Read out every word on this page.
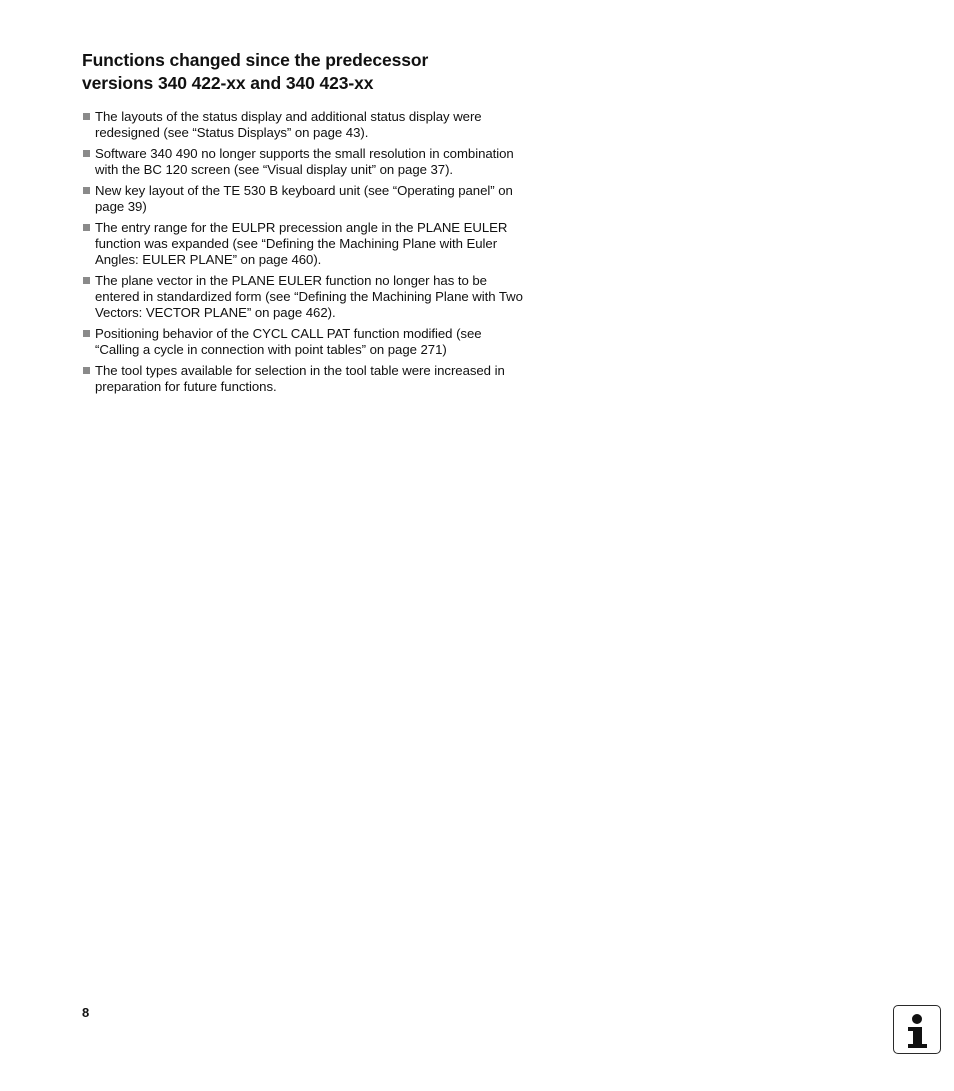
Functions changed since the predecessor
versions 340 422-xx and 340 423-xx
The layouts of the status display and additional status display were redesigned (see “Status Displays” on page 43).
Software 340 490 no longer supports the small resolution in combination with the BC 120 screen (see “Visual display unit” on page 37).
New key layout of the TE 530 B keyboard unit (see “Operating panel” on page 39)
The entry range for the EULPR precession angle in the PLANE EULER function was expanded (see “Defining the Machining Plane with Euler Angles: EULER PLANE” on page 460).
The plane vector in the PLANE EULER function no longer has to be entered in standardized form (see “Defining the Machining Plane with Two Vectors: VECTOR PLANE” on page 462).
Positioning behavior of the CYCL CALL PAT function modified (see “Calling a cycle in connection with point tables” on page 271)
The tool types available for selection in the tool table were increased in preparation for future functions.
8
